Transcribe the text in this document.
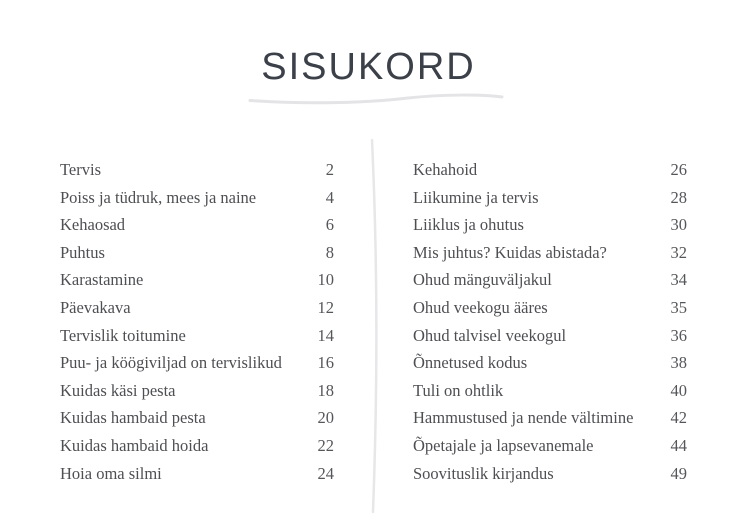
SISUKORD
Tervis	2
Poiss ja tüdruk, mees ja naine	4
Kehaosad	6
Puhtus	8
Karastamine	10
Päevakava	12
Tervislik toitumine	14
Puu- ja köögiviljad on tervislikud 16
Kuidas käsi pesta	18
Kuidas hambaid pesta	20
Kuidas hambaid hoida	22
Hoia oma silmi	24
Kehahoid	26
Liikumine ja tervis	28
Liiklus ja ohutus	30
Mis juhtus? Kuidas abistada?	32
Ohud mänguväljakul	34
Ohud veekogu ääres	35
Ohud talvisel veekogul	36
Õnnetused kodus	38
Tuli on ohtlik	40
Hammustused ja nende vältimine 42
Õpetajale ja lapsevanemale	44
Soovituslik kirjandus	49
